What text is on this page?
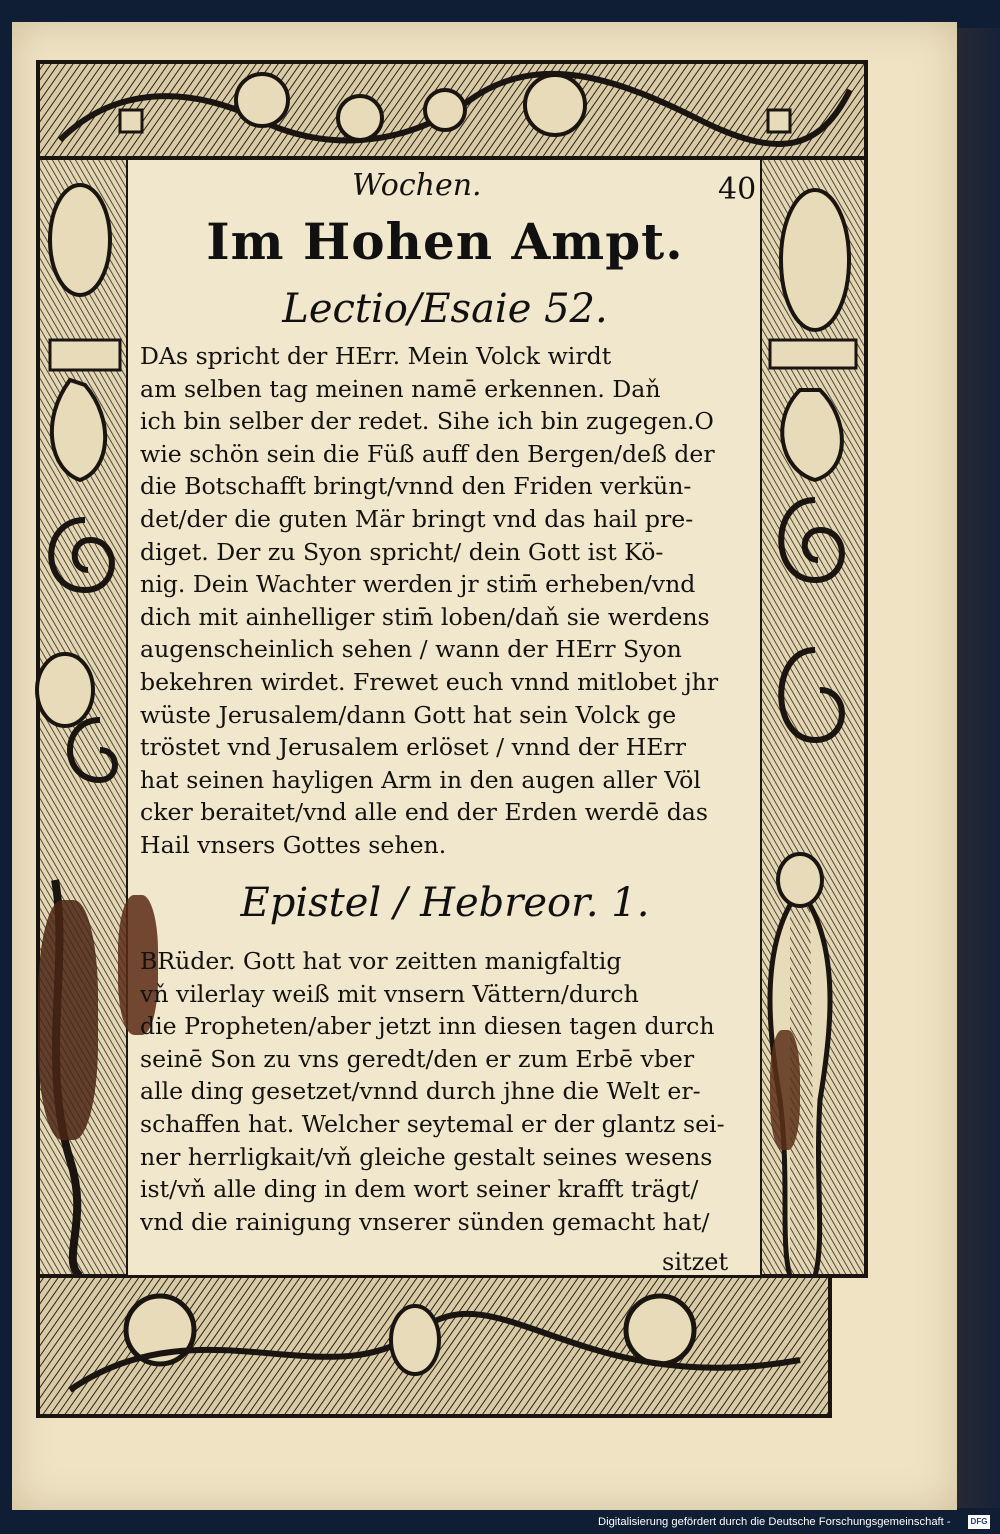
Wochen.	40
Im Hohen Ampt.
Lectio/Esaie 52.
DAs spricht der HErr. Mein Volck wirdt
am selben tag meinen namē erkennen. Daň
ich bin selber der redet. Sihe ich bin zugegen.O
wie schön sein die Füß auff den Bergen/deß der
die Botschafft bringt/vnnd den Friden verkün-
det/der die guten Mär bringt vnd das hail pre-
diget. Der zu Syon spricht/ dein Gott ist Kö-
nig. Dein Wachter werden jr stim̄ erheben/vnd
dich mit ainhelliger stim̄ loben/daň sie werdens
augenscheinlich sehen / wann der HErr Syon
bekehren wirdet. Frewet euch vnnd mitlobet jhr
wüste Jerusalem/dann Gott hat sein Volck ge
tröstet vnd Jerusalem erlöset / vnnd der HErr
hat seinen hayligen Arm in den augen aller Völ
cker beraitet/vnd alle end der Erden werdē das
Hail vnsers Gottes sehen.
Epistel / Hebreor. 1.
BRüder. Gott hat vor zeitten manigfaltig
vň vilerlay weiß mit vnsern Vättern/durch
die Propheten/aber jetzt inn diesen tagen durch
seinē Son zu vns geredt/den er zum Erbē vber
alle ding gesetzet/vnnd durch jhne die Welt er-
schaffen hat. Welcher seytemal er der glantz sei-
ner herrligkait/vň gleiche gestalt seines wesens
ist/vň alle ding in dem wort seiner krafft trägt/
vnd die rainigung vnserer sünden gemacht hat/
sitzet
Digitalisierung gefördert durch die Deutsche Forschungsgemeinschaft -	DFG
